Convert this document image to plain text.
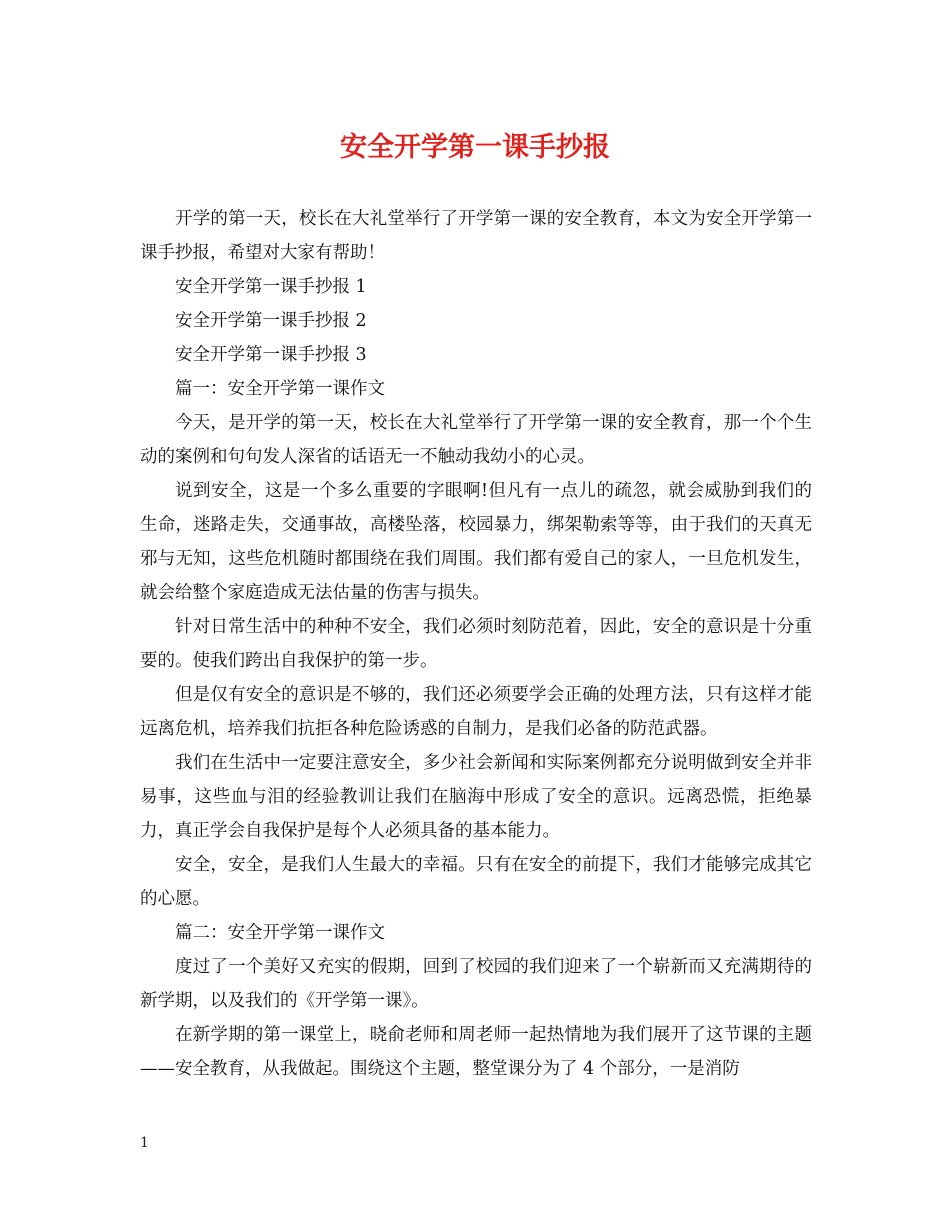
安全开学第一课手抄报

开学的第一天，校长在大礼堂举行了开学第一课的安全教育，本文为安全开学第一课手抄报，希望对大家有帮助！

安全开学第一课手抄报 1

安全开学第一课手抄报 2

安全开学第一课手抄报 3

篇一：安全开学第一课作文

今天，是开学的第一天，校长在大礼堂举行了开学第一课的安全教育，那一个个生动的案例和句句发人深省的话语无一不触动我幼小的心灵。

说到安全，这是一个多么重要的字眼啊!但凡有一点儿的疏忽，就会威胁到我们的生命，迷路走失，交通事故，高楼坠落，校园暴力，绑架勒索等等，由于我们的天真无邪与无知，这些危机随时都围绕在我们周围。我们都有爱自己的家人，一旦危机发生，就会给整个家庭造成无法估量的伤害与损失。

针对日常生活中的种种不安全，我们必须时刻防范着，因此，安全的意识是十分重要的。使我们跨出自我保护的第一步。

但是仅有安全的意识是不够的，我们还必须要学会正确的处理方法，只有这样才能远离危机，培养我们抗拒各种危险诱惑的自制力，是我们必备的防范武器。

我们在生活中一定要注意安全，多少社会新闻和实际案例都充分说明做到安全并非易事，这些血与泪的经验教训让我们在脑海中形成了安全的意识。远离恐慌，拒绝暴力，真正学会自我保护是每个人必须具备的基本能力。

安全，安全，是我们人生最大的幸福。只有在安全的前提下，我们才能够完成其它的心愿。

篇二：安全开学第一课作文

度过了一个美好又充实的假期，回到了校园的我们迎来了一个崭新而又充满期待的新学期，以及我们的《开学第一课》。

在新学期的第一课堂上，晓俞老师和周老师一起热情地为我们展开了这节课的主题——安全教育，从我做起。围绕这个主题，整堂课分为了 4 个部分，一是消防

1
